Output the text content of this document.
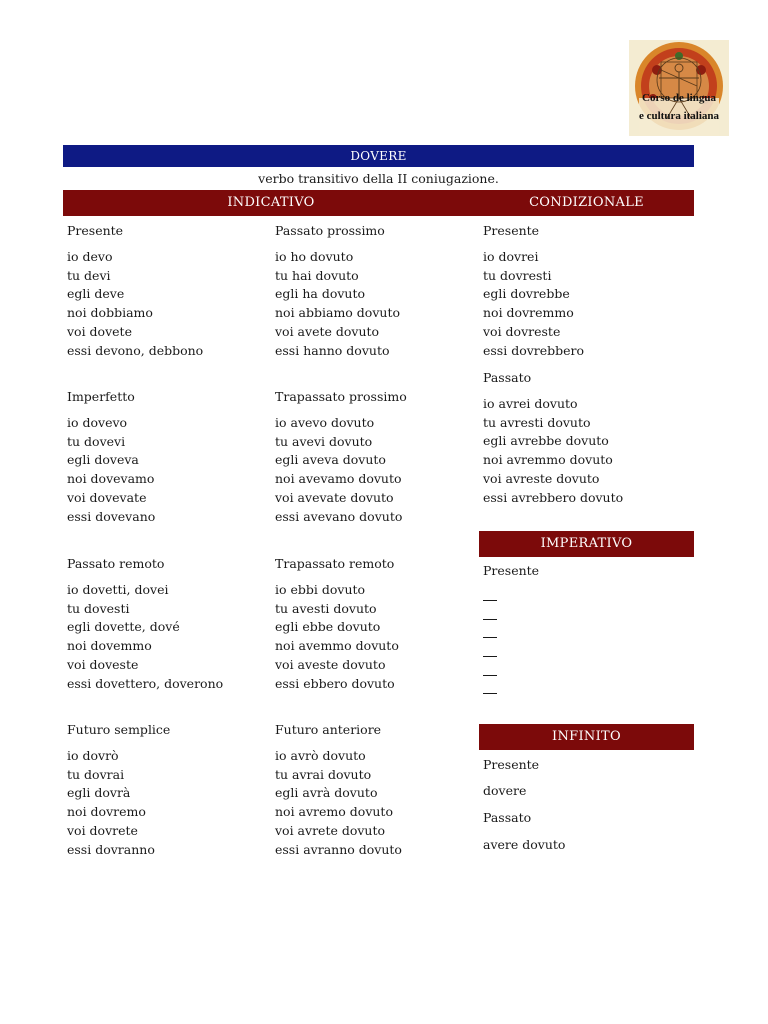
Corso de lingua
e cultura italiana
DOVERE
verbo transitivo della II coniugazione.
INDICATIVO	CONDIZIONALE
Presente
io devo
tu devi
egli deve
noi dobbiamo
voi dovete
essi devono, debbono
Imperfetto
io dovevo
tu dovevi
egli doveva
noi dovevamo
voi dovevate
essi dovevano
Passato remoto
io dovetti, dovei
tu dovesti
egli dovette, dové
noi dovemmo
voi doveste
essi dovettero, doverono
Futuro semplice
io dovrò
tu dovrai
egli dovrà
noi dovremo
voi dovrete
essi dovranno
Passato prossimo
io ho dovuto
tu hai dovuto
egli ha dovuto
noi abbiamo dovuto
voi avete dovuto
essi hanno dovuto
Trapassato prossimo
io avevo dovuto
tu avevi dovuto
egli aveva dovuto
noi avevamo dovuto
voi avevate dovuto
essi avevano dovuto
Trapassato remoto
io ebbi dovuto
tu avesti dovuto
egli ebbe dovuto
noi avemmo dovuto
voi aveste dovuto
essi ebbero dovuto
Futuro anteriore
io avrò dovuto
tu avrai dovuto
egli avrà dovuto
noi avremo dovuto
voi avrete dovuto
essi avranno dovuto
Presente
io dovrei
tu dovresti
egli dovrebbe
noi dovremmo
voi dovreste
essi dovrebbero
Passato
io avrei dovuto
tu avresti dovuto
egli avrebbe dovuto
noi avremmo dovuto
voi avreste dovuto
essi avrebbero dovuto
IMPERATIVO
Presente
INFINITO
Presente
dovere
Passato
avere dovuto
